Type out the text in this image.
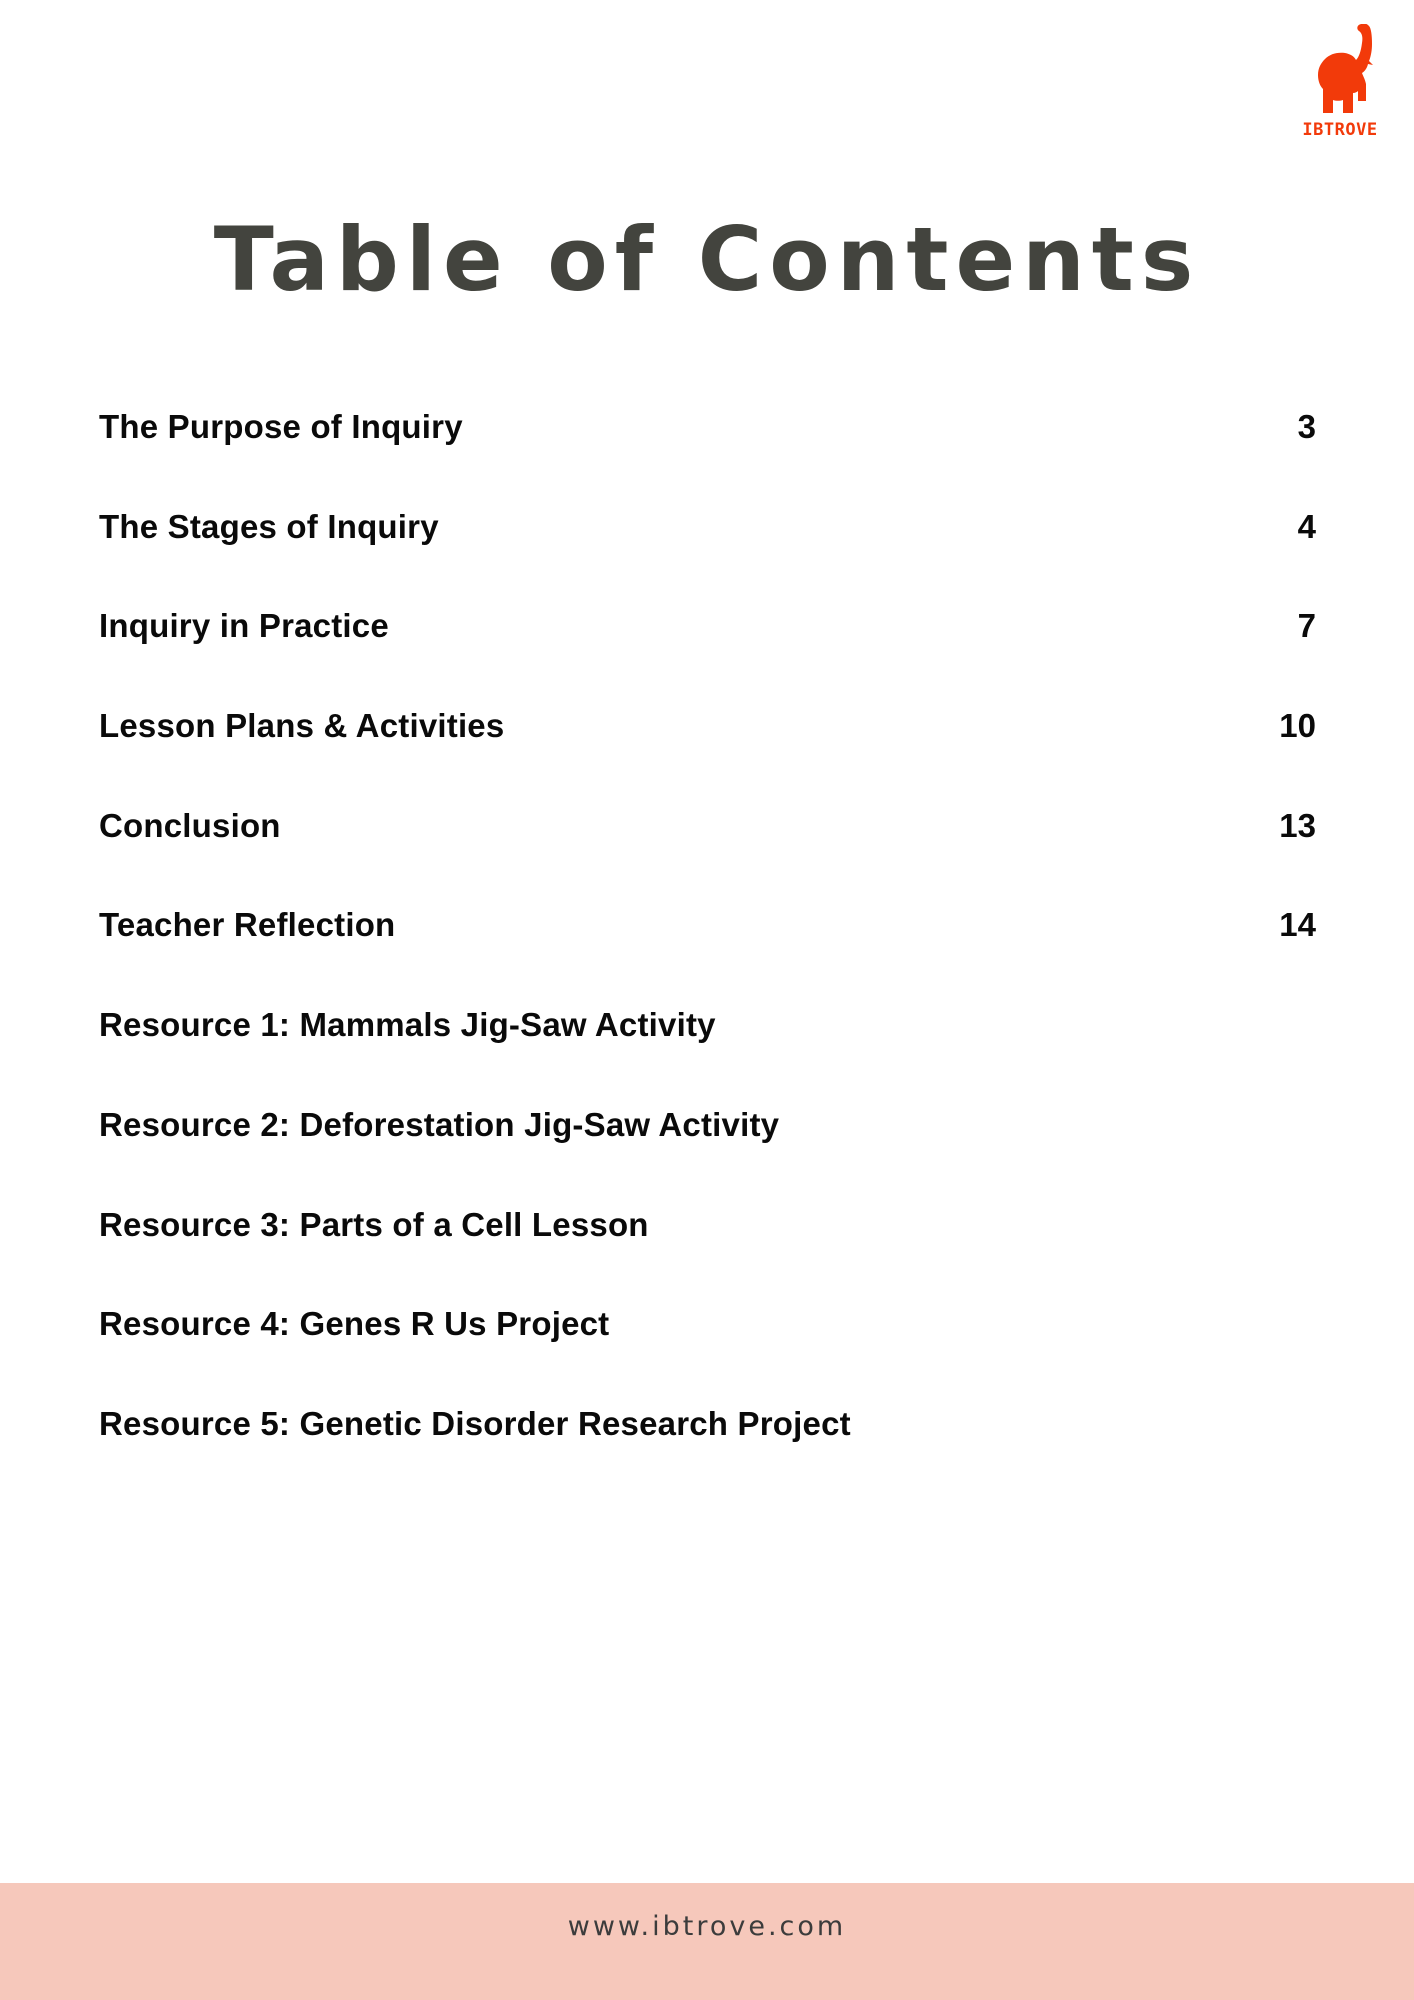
IBTROVE
Table of Contents
The Purpose of Inquiry	3
The Stages of Inquiry	4
Inquiry in Practice	7
Lesson Plans & Activities	10
Conclusion	13
Teacher Reflection	14
Resource 1: Mammals Jig-Saw Activity
Resource 2: Deforestation Jig-Saw Activity
Resource 3: Parts of a Cell Lesson
Resource 4: Genes R Us Project
Resource 5: Genetic Disorder Research Project
www.ibtrove.com
